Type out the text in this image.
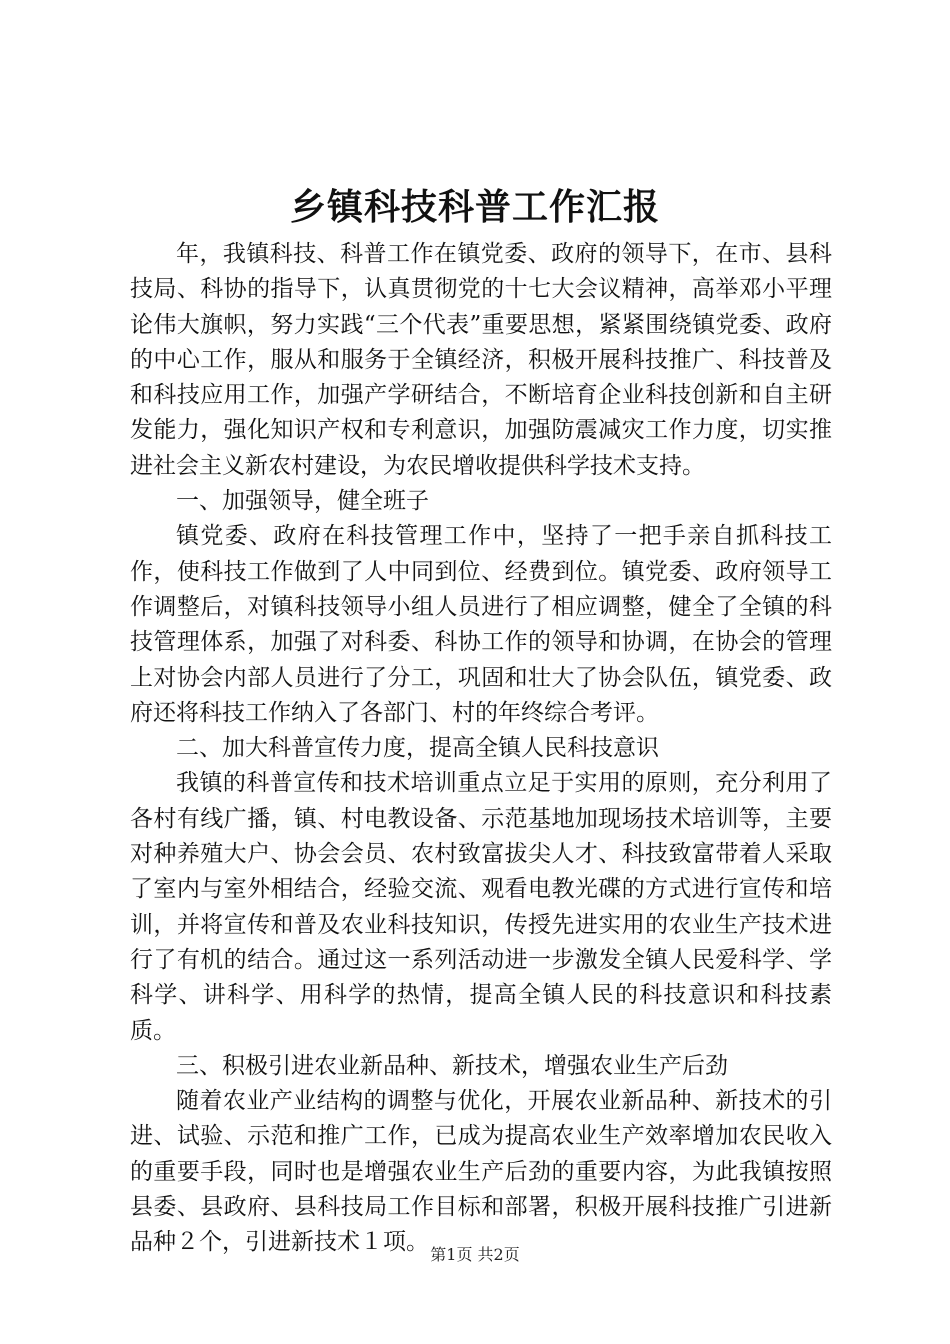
乡镇科技科普工作汇报

年，我镇科技、科普工作在镇党委、政府的领导下，在市、县科技局、科协的指导下，认真贯彻党的十七大会议精神，高举邓小平理论伟大旗帜，努力实践“三个代表”重要思想，紧紧围绕镇党委、政府的中心工作，服从和服务于全镇经济，积极开展科技推广、科技普及和科技应用工作，加强产学研结合，不断培育企业科技创新和自主研发能力，强化知识产权和专利意识，加强防震减灾工作力度，切实推进社会主义新农村建设，为农民增收提供科学技术支持。

一、加强领导，健全班子

镇党委、政府在科技管理工作中，坚持了一把手亲自抓科技工作，使科技工作做到了人中同到位、经费到位。镇党委、政府领导工作调整后，对镇科技领导小组人员进行了相应调整，健全了全镇的科技管理体系，加强了对科委、科协工作的领导和协调，在协会的管理上对协会内部人员进行了分工，巩固和壮大了协会队伍，镇党委、政府还将科技工作纳入了各部门、村的年终综合考评。

二、加大科普宣传力度，提高全镇人民科技意识

我镇的科普宣传和技术培训重点立足于实用的原则，充分利用了各村有线广播，镇、村电教设备、示范基地加现场技术培训等，主要对种养殖大户、协会会员、农村致富拔尖人才、科技致富带着人采取了室内与室外相结合，经验交流、观看电教光碟的方式进行宣传和培训，并将宣传和普及农业科技知识，传授先进实用的农业生产技术进行了有机的结合。通过这一系列活动进一步激发全镇人民爱科学、学科学、讲科学、用科学的热情，提高全镇人民的科技意识和科技素质。

三、积极引进农业新品种、新技术，增强农业生产后劲

随着农业产业结构的调整与优化，开展农业新品种、新技术的引进、试验、示范和推广工作，已成为提高农业生产效率增加农民收入的重要手段，同时也是增强农业生产后劲的重要内容，为此我镇按照县委、县政府、县科技局工作目标和部署，积极开展科技推广引进新品种２个，引进新技术１项。 第1页 共2页
